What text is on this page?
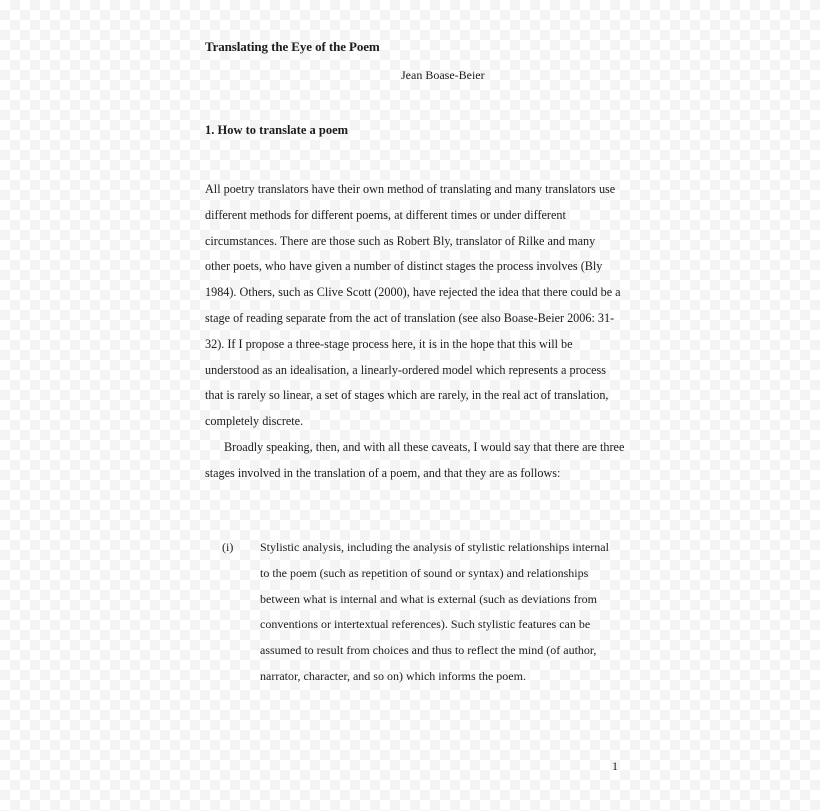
Translating the Eye of the Poem
Jean Boase-Beier
1. How to translate a poem
All poetry translators have their own method of translating and many translators use
different methods for different poems, at different times or under different
circumstances. There are those such as Robert Bly, translator of Rilke and many
other poets, who have given a number of distinct stages the process involves (Bly
1984). Others, such as Clive Scott (2000), have rejected the idea that there could be a
stage of reading separate from the act of translation (see also Boase-Beier 2006: 31-
32). If I propose a three-stage process here, it is in the hope that this will be
understood as an idealisation, a linearly-ordered model which represents a process
that is rarely so linear, a set of stages which are rarely, in the real act of translation,
completely discrete.
Broadly speaking, then, and with all these caveats, I would say that there are three
stages involved in the translation of a poem, and that they are as follows:
(i) Stylistic analysis, including the analysis of stylistic relationships internal
to the poem (such as repetition of sound or syntax) and relationships
between what is internal and what is external (such as deviations from
conventions or intertextual references). Such stylistic features can be
assumed to result from choices and thus to reflect the mind (of author,
narrator, character, and so on) which informs the poem.
1
